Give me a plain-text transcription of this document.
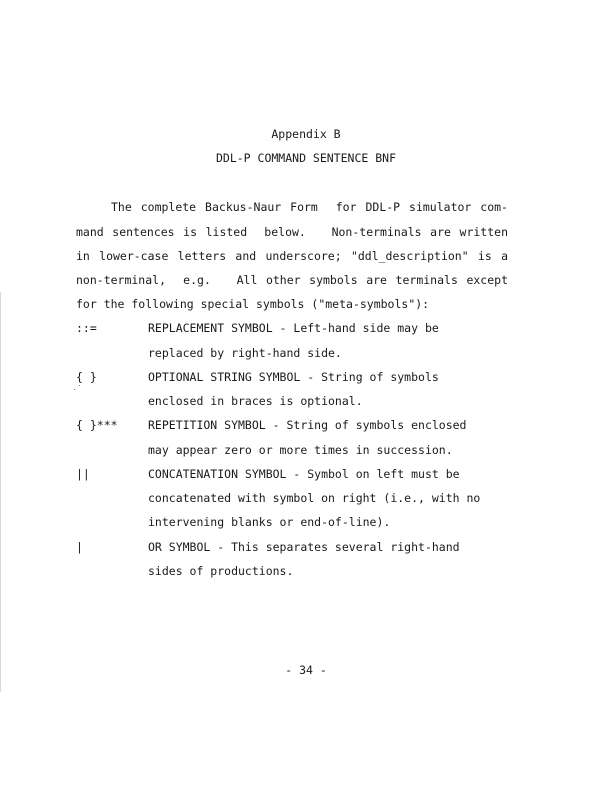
Appendix B
DDL-P COMMAND SENTENCE BNF
The complete Backus-Naur Form  for DDL-P simulator com-
mand sentences is listed  below.   Non-terminals are written
in lower-case letters and underscore; "ddl_description" is a
non-terminal,  e.g.   All other symbols are terminals except
for the following special symbols ("meta-symbols"):
::=	REPLACEMENT SYMBOL - Left-hand side may be
replaced by right-hand side.
{ }	OPTIONAL STRING SYMBOL - String of symbols
enclosed in braces is optional.
{ }***	REPETITION SYMBOL - String of symbols enclosed
may appear zero or more times in succession.
||	CONCATENATION SYMBOL - Symbol on left must be
concatenated with symbol on right (i.e., with no
intervening blanks or end-of-line).
|	OR SYMBOL - This separates several right-hand
sides of productions.
- 34 -
